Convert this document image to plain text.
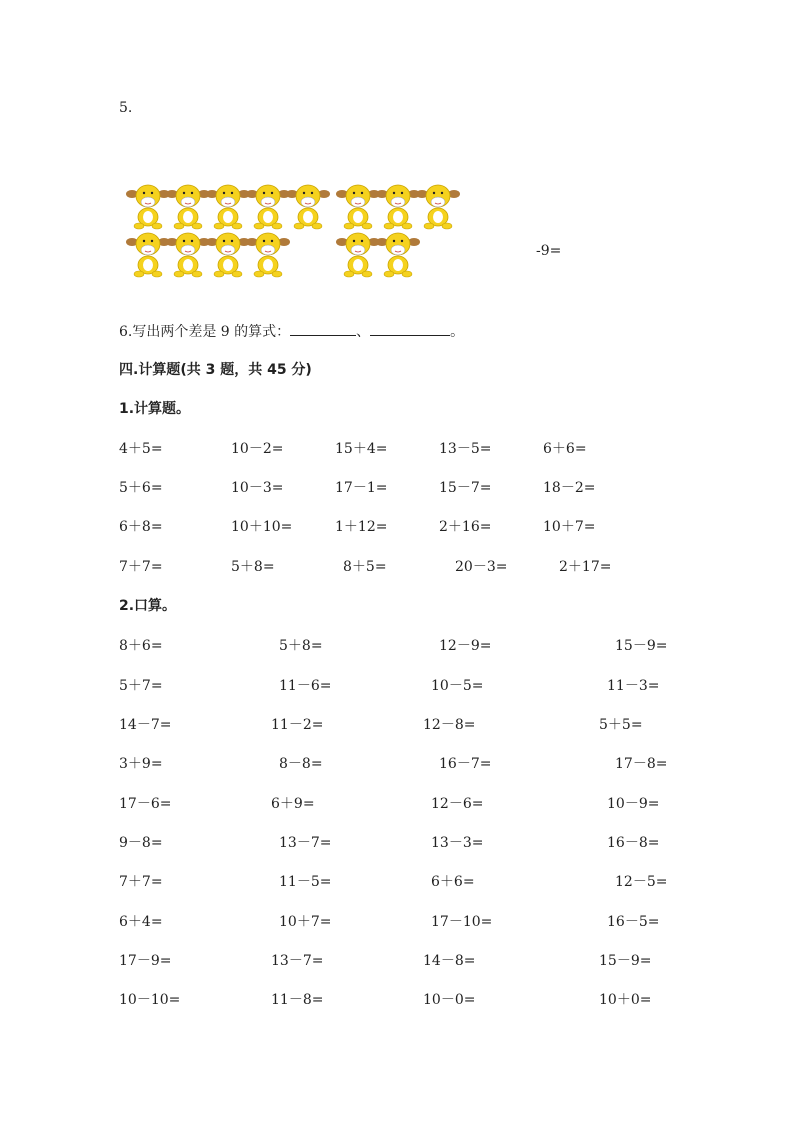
5.
-9=
6.写出两个差是 9 的算式：	、	。
四.计算题(共 3 题，共 45 分)
1.计算题。
4＋5=	10－2=	15＋4=	13－5=	6＋6=
5＋6=	10－3=	17－1=	15－7=	18－2=
6＋8=	10＋10=	1＋12=	2＋16=	10＋7=
7＋7=	5＋8=	8＋5=	20－3=	2＋17=
2.口算。
8＋6=	5＋8=	12－9=	15－9=
5＋7=	11－6=	10－5=	11－3=
14－7=	11－2=	12－8=	5＋5=
3＋9=	8－8=	16－7=	17－8=
17－6=	6＋9=	12－6=	10－9=
9－8=	13－7=	13－3=	16－8=
7＋7=	11－5=	6＋6=	12－5=
6＋4=	10＋7=	17－10=	16－5=
17－9=	13－7=	14－8=	15－9=
10－10=	11－8=	10－0=	10＋0=
